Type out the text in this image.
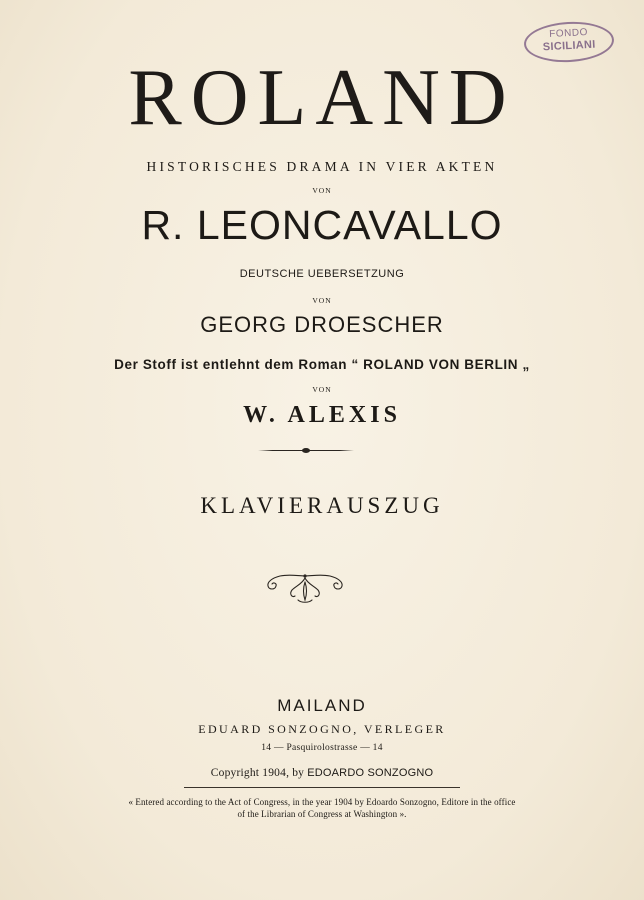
FONDO
SICILIANI
ROLAND
HISTORISCHES DRAMA IN VIER AKTEN
VON
R. LEONCAVALLO
DEUTSCHE UEBERSETZUNG
VON
GEORG DROESCHER
Der Stoff ist entlehnt dem Roman “ ROLAND VON BERLIN „
VON
W. ALEXIS
KLAVIERAUSZUG
MAILAND
EDUARD SONZOGNO, VERLEGER
14 — Pasquirolostrasse — 14
Copyright 1904, by EDOARDO SONZOGNO
« Entered according to the Act of Congress, in the year 1904 by Edoardo Sonzogno, Editore in the office
of the Librarian of Congress at Washington ».
